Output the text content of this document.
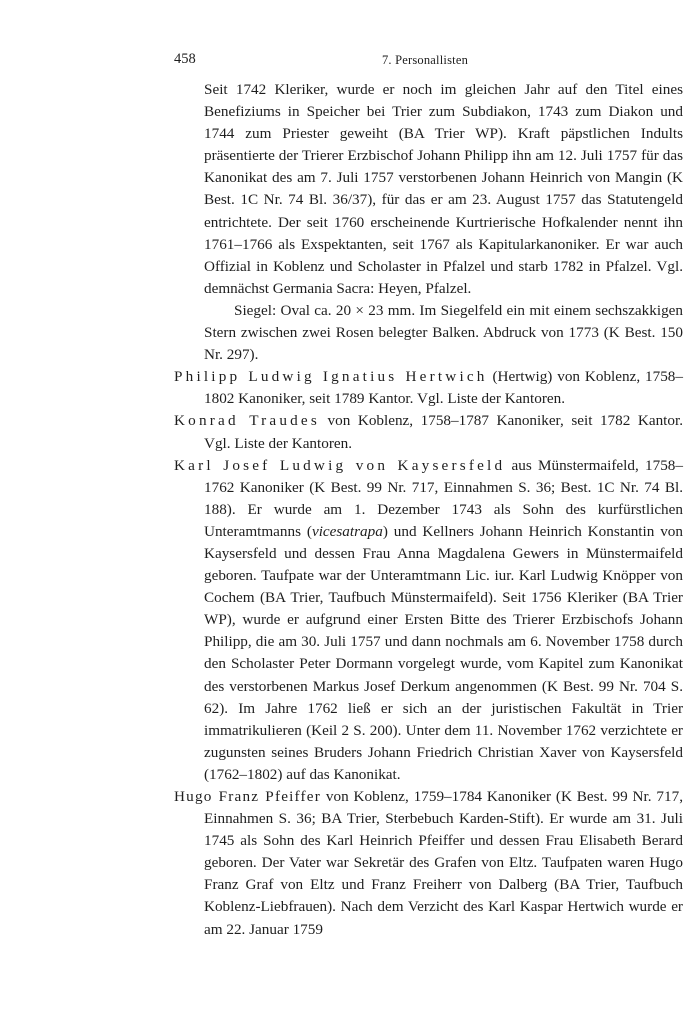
458	7. Personallisten

Seit 1742 Kleriker, wurde er noch im gleichen Jahr auf den Titel eines Benefiziums in Speicher bei Trier zum Subdiakon, 1743 zum Diakon und 1744 zum Priester geweiht (BA Trier WP). Kraft päpstlichen Indults präsentierte der Trierer Erzbischof Johann Philipp ihn am 12. Juli 1757 für das Kanonikat des am 7. Juli 1757 verstorbenen Johann Heinrich von Mangin (K Best. 1C Nr. 74 Bl. 36/37), für das er am 23. August 1757 das Statutengeld entrichtete. Der seit 1760 erscheinende Kurtrierische Hofkalender nennt ihn 1761–1766 als Exspektanten, seit 1767 als Kapitularkanoniker. Er war auch Offizial in Koblenz und Scholaster in Pfalzel und starb 1782 in Pfalzel. Vgl. demnächst Germania Sacra: Heyen, Pfalzel.

Siegel: Oval ca. 20 × 23 mm. Im Siegelfeld ein mit einem sechszakkigen Stern zwischen zwei Rosen belegter Balken. Abdruck von 1773 (K Best. 150 Nr. 297).

Philipp Ludwig Ignatius Hertwich (Hertwig) von Koblenz, 1758–1802 Kanoniker, seit 1789 Kantor. Vgl. Liste der Kantoren.

Konrad Traudes von Koblenz, 1758–1787 Kanoniker, seit 1782 Kantor. Vgl. Liste der Kantoren.

Karl Josef Ludwig von Kaysersfeld aus Münstermaifeld, 1758–1762 Kanoniker (K Best. 99 Nr. 717, Einnahmen S. 36; Best. 1C Nr. 74 Bl. 188). Er wurde am 1. Dezember 1743 als Sohn des kurfürstlichen Unteramtmanns (vicesatrapa) und Kellners Johann Heinrich Konstantin von Kaysersfeld und dessen Frau Anna Magdalena Gewers in Münstermaifeld geboren. Taufpate war der Unteramtmann Lic. iur. Karl Ludwig Knöpper von Cochem (BA Trier, Taufbuch Münstermaifeld). Seit 1756 Kleriker (BA Trier WP), wurde er aufgrund einer Ersten Bitte des Trierer Erzbischofs Johann Philipp, die am 30. Juli 1757 und dann nochmals am 6. November 1758 durch den Scholaster Peter Dormann vorgelegt wurde, vom Kapitel zum Kanonikat des verstorbenen Markus Josef Derkum angenommen (K Best. 99 Nr. 704 S. 62). Im Jahre 1762 ließ er sich an der juristischen Fakultät in Trier immatrikulieren (Keil 2 S. 200). Unter dem 11. November 1762 verzichtete er zugunsten seines Bruders Johann Friedrich Christian Xaver von Kaysersfeld (1762–1802) auf das Kanonikat.

Hugo Franz Pfeiffer von Koblenz, 1759–1784 Kanoniker (K Best. 99 Nr. 717, Einnahmen S. 36; BA Trier, Sterbebuch Karden-Stift). Er wurde am 31. Juli 1745 als Sohn des Karl Heinrich Pfeiffer und dessen Frau Elisabeth Berard geboren. Der Vater war Sekretär des Grafen von Eltz. Taufpaten waren Hugo Franz Graf von Eltz und Franz Freiherr von Dalberg (BA Trier, Taufbuch Koblenz-Liebfrauen). Nach dem Verzicht des Karl Kaspar Hertwich wurde er am 22. Januar 1759
